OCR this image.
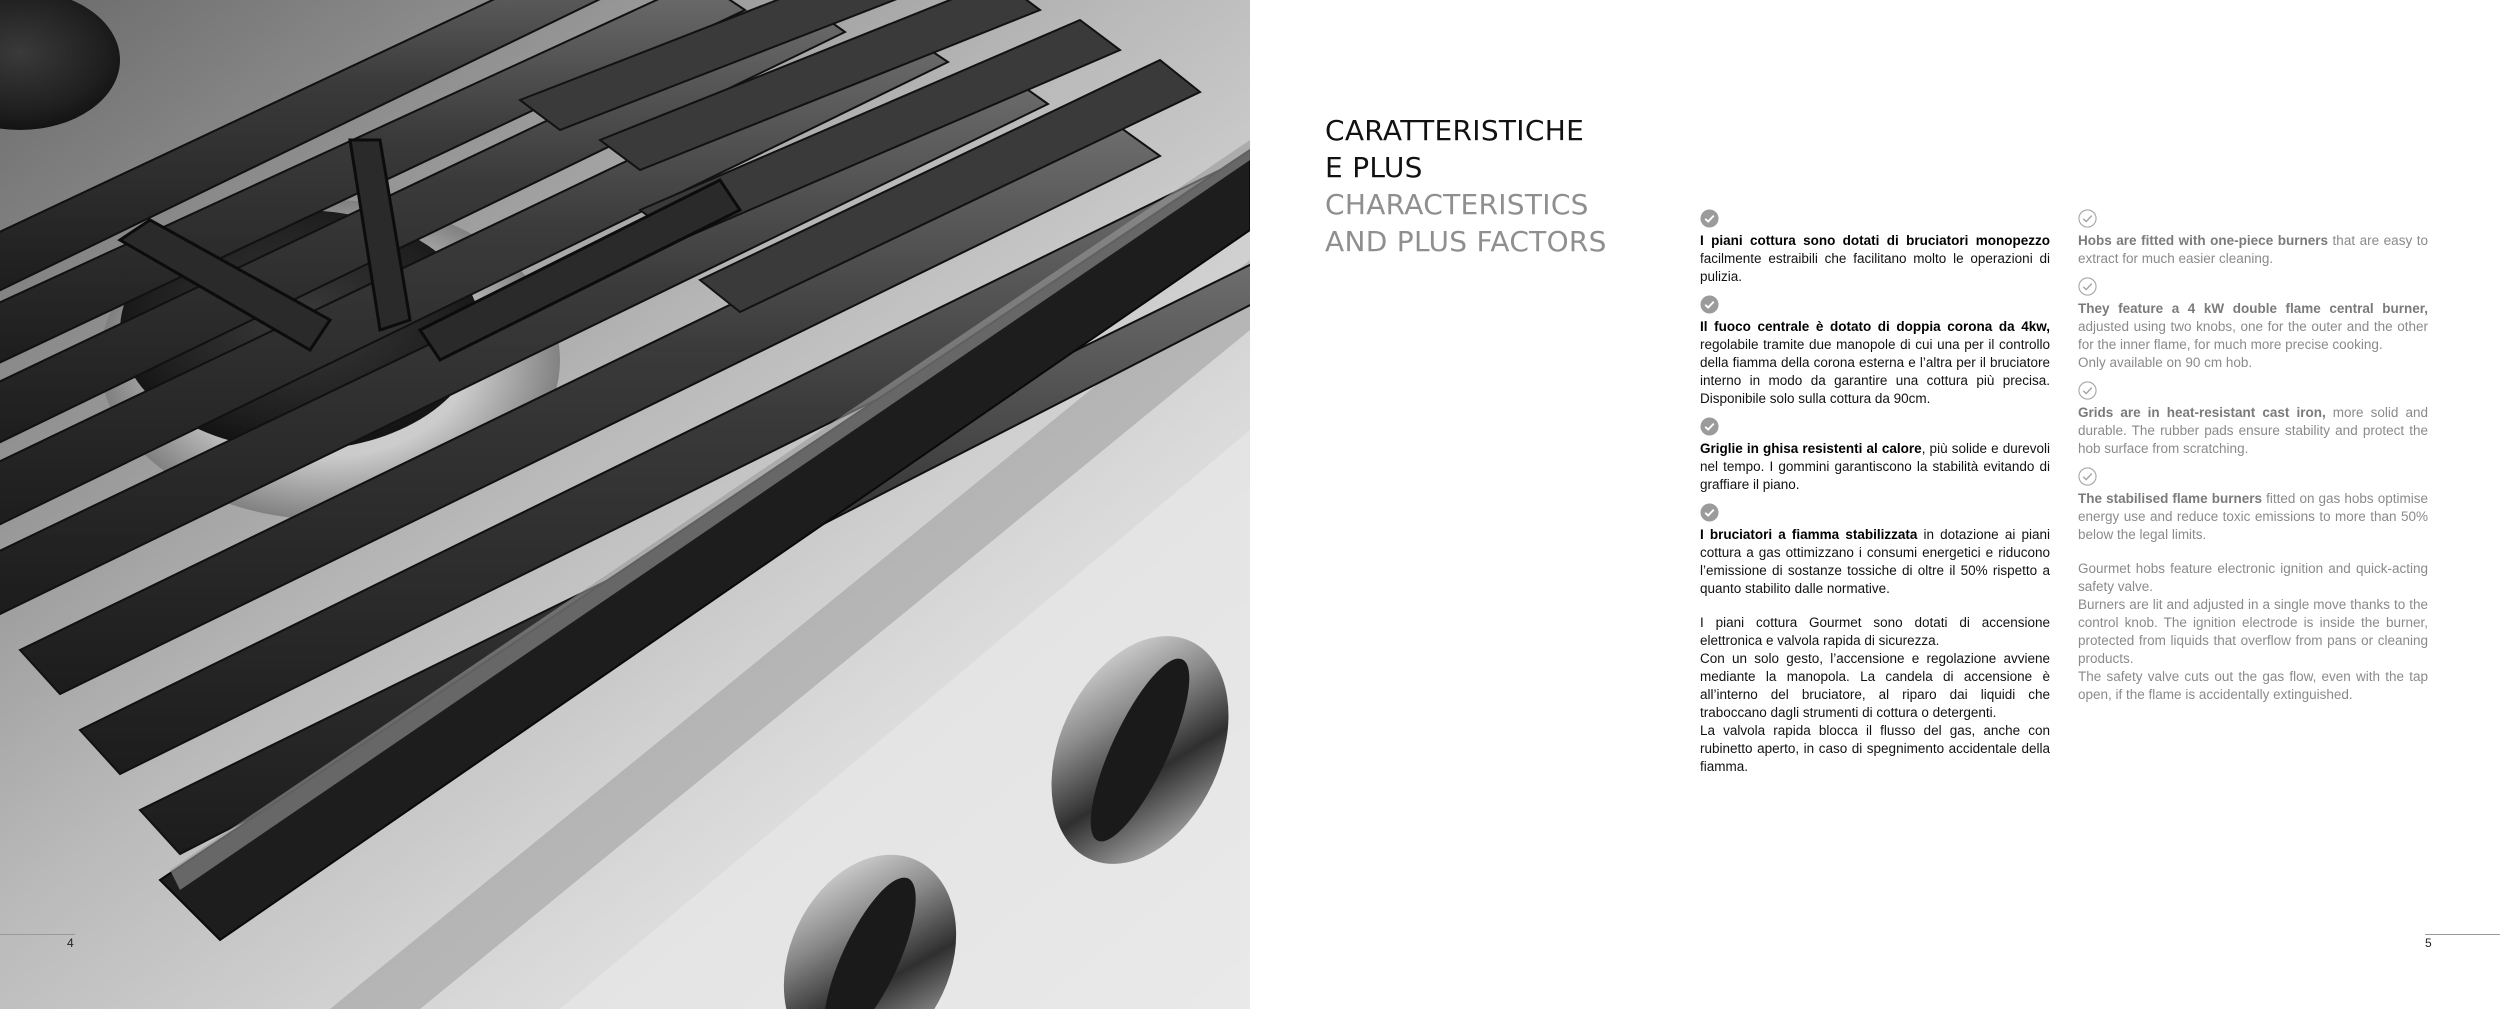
4	5
CARATTERISTICHE
E PLUS
CHARACTERISTICS
AND PLUS FACTORS	I piani cottura sono dotati di bruciatori monopezzo facilmente estraibili che facilitano molto le operazioni di pulizia.

Il fuoco centrale è dotato di doppia corona da 4kw, regolabile tramite due manopole di cui una per il controllo della fiamma della corona esterna e l’altra per il bruciatore interno in modo da garantire una cottura più precisa. Disponibile solo sulla cottura da 90cm.

Griglie in ghisa resistenti al calore, più solide e durevoli nel tempo. I gommini garantiscono la stabilità evitando di graffiare il piano.

I bruciatori a fiamma stabilizzata in dotazione ai piani cottura a gas ottimizzano i consumi energetici e riducono l’emissione di sostanze tossiche di oltre il 50% rispetto a quanto stabilito dalle normative.

I piani cottura Gourmet sono dotati di accensione elettronica e valvola rapida di sicurezza.

Con un solo gesto, l’accensione e regolazione avviene mediante la manopola. La candela di accensione è all’interno del bruciatore, al riparo dai liquidi che traboccano dagli strumenti di cottura o detergenti.

La valvola rapida blocca il flusso del gas, anche con rubinetto aperto, in caso di spegnimento accidentale della fiamma.

Hobs are fitted with one-piece burners that are easy to extract for much easier cleaning.

They feature a 4 kW double flame central burner, adjusted using two knobs, one for the outer and the other for the inner flame, for much more precise cooking.

Only available on 90 cm hob.

Grids are in heat-resistant cast iron, more solid and durable. The rubber pads ensure stability and protect the hob surface from scratching.

The stabilised flame burners fitted on gas hobs optimise energy use and reduce toxic emissions to more than 50% below the legal limits.

Gourmet hobs feature electronic ignition and quick-acting safety valve.

Burners are lit and adjusted in a single move thanks to the control knob. The ignition electrode is inside the burner, protected from liquids that overflow from pans or cleaning products.

The safety valve cuts out the gas flow, even with the tap open, if the flame is accidentally extinguished.
